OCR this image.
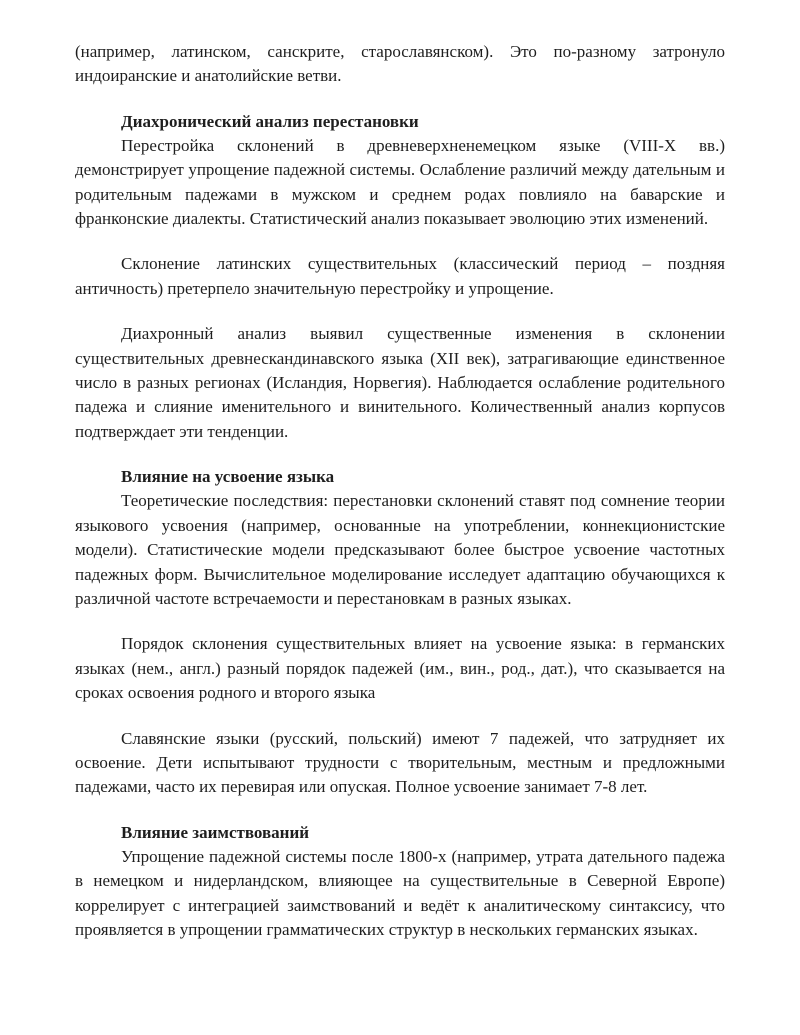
(например, латинском, санскрите, старославянском). Это по-разному затронуло индоиранские и анатолийские ветви.

Диахронический анализ перестановки

Перестройка склонений в древневерхненемецком языке (VIII-X вв.) демонстрирует упрощение падежной системы. Ослабление различий между дательным и родительным падежами в мужском и среднем родах повлияло на баварские и франконские диалекты. Статистический анализ показывает эволюцию этих изменений.

Склонение латинских существительных (классический период – поздняя античность) претерпело значительную перестройку и упрощение.

Диахронный анализ выявил существенные изменения в склонении существительных древнескандинавского языка (XII век), затрагивающие единственное число в разных регионах (Исландия, Норвегия). Наблюдается ослабление родительного падежа и слияние именительного и винительного. Количественный анализ корпусов подтверждает эти тенденции.

Влияние на усвоение языка

Теоретические последствия: перестановки склонений ставят под сомнение теории языкового усвоения (например, основанные на употреблении, коннекционистские модели). Статистические модели предсказывают более быстрое усвоение частотных падежных форм. Вычислительное моделирование исследует адаптацию обучающихся к различной частоте встречаемости и перестановкам в разных языках.

Порядок склонения существительных влияет на усвоение языка: в германских языках (нем., англ.) разный порядок падежей (им., вин., род., дат.), что сказывается на сроках освоения родного и второго языка

Славянские языки (русский, польский) имеют 7 падежей, что затрудняет их освоение. Дети испытывают трудности с творительным, местным и предложными падежами, часто их перевирая или опуская. Полное усвоение занимает 7-8 лет.

Влияние заимствований

Упрощение падежной системы после 1800-х (например, утрата дательного падежа в немецком и нидерландском, влияющее на существительные в Северной Европе) коррелирует с интеграцией заимствований и ведёт к аналитическому синтаксису, что проявляется в упрощении грамматических структур в нескольких германских языках.
